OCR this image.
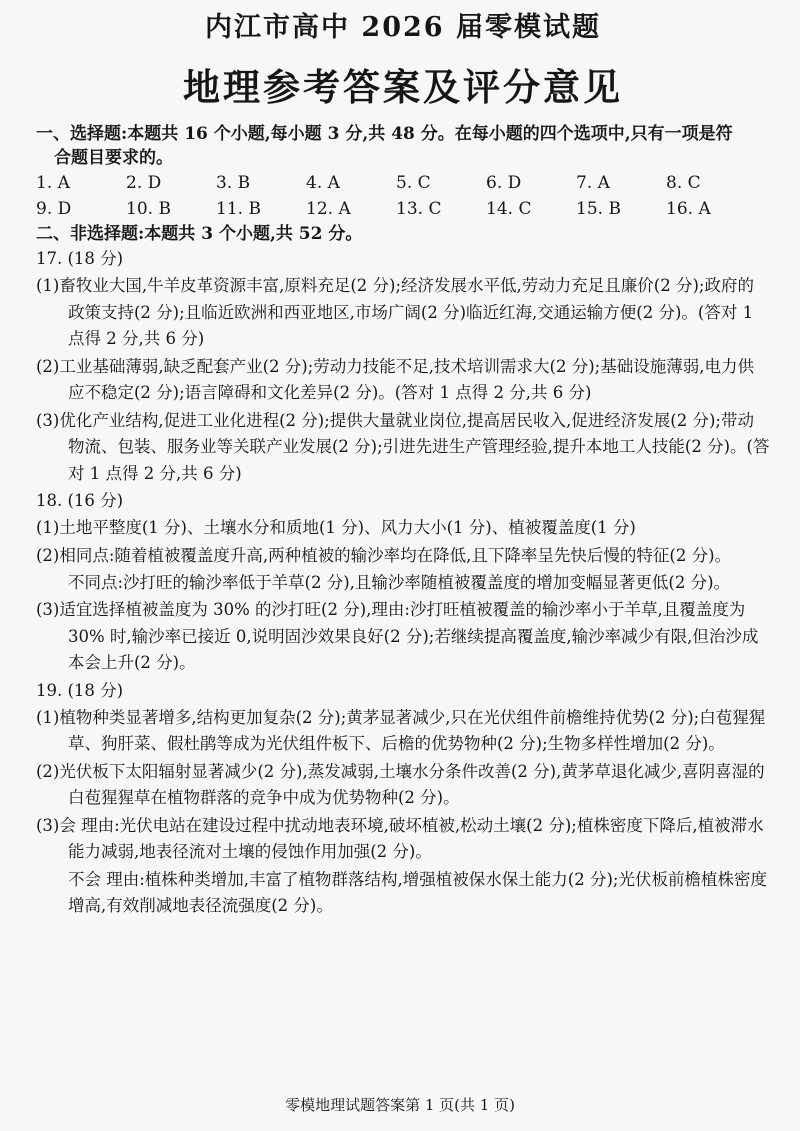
内江市高中 2026 届零模试题
地理参考答案及评分意见
一、选择题:本题共 16 个小题,每小题 3 分,共 48 分。在每小题的四个选项中,只有一项是符
合题目要求的。
1. A	2. D	3. B	4. A	5. C	6. D	7. A	8. C
9. D	10. B	11. B	12. A	13. C	14. C	15. B	16. A
二、非选择题:本题共 3 个小题,共 52 分。
17. (18 分)
(1)畜牧业大国,牛羊皮革资源丰富,原料充足(2 分);经济发展水平低,劳动力充足且廉价(2 分);政府的政策支持(2 分);且临近欧洲和西亚地区,市场广阔(2 分)临近红海,交通运输方便(2 分)。(答对 1 点得 2 分,共 6 分)
(2)工业基础薄弱,缺乏配套产业(2 分);劳动力技能不足,技术培训需求大(2 分);基础设施薄弱,电力供应不稳定(2 分);语言障碍和文化差异(2 分)。(答对 1 点得 2 分,共 6 分)
(3)优化产业结构,促进工业化进程(2 分);提供大量就业岗位,提高居民收入,促进经济发展(2 分);带动物流、包装、服务业等关联产业发展(2 分);引进先进生产管理经验,提升本地工人技能(2 分)。(答对 1 点得 2 分,共 6 分)
18. (16 分)
(1)土地平整度(1 分)、土壤水分和质地(1 分)、风力大小(1 分)、植被覆盖度(1 分)
(2)相同点:随着植被覆盖度升高,两种植被的输沙率均在降低,且下降率呈先快后慢的特征(2 分)。
不同点:沙打旺的输沙率低于羊草(2 分),且输沙率随植被覆盖度的增加变幅显著更低(2 分)。
(3)适宜选择植被盖度为 30% 的沙打旺(2 分),理由:沙打旺植被覆盖的输沙率小于羊草,且覆盖度为 30% 时,输沙率已接近 0,说明固沙效果良好(2 分);若继续提高覆盖度,输沙率减少有限,但治沙成本会上升(2 分)。
19. (18 分)
(1)植物种类显著增多,结构更加复杂(2 分);黄茅显著减少,只在光伏组件前檐维持优势(2 分);白苞猩猩草、狗肝菜、假杜鹃等成为光伏组件板下、后檐的优势物种(2 分);生物多样性增加(2 分)。
(2)光伏板下太阳辐射显著减少(2 分),蒸发减弱,土壤水分条件改善(2 分),黄茅草退化减少,喜阴喜湿的白苞猩猩草在植物群落的竞争中成为优势物种(2 分)。
(3)会 理由:光伏电站在建设过程中扰动地表环境,破坏植被,松动土壤(2 分);植株密度下降后,植被滞水能力减弱,地表径流对土壤的侵蚀作用加强(2 分)。
不会 理由:植株种类增加,丰富了植物群落结构,增强植被保水保土能力(2 分);光伏板前檐植株密度增高,有效削减地表径流强度(2 分)。
零模地理试题答案第 1 页(共 1 页)
